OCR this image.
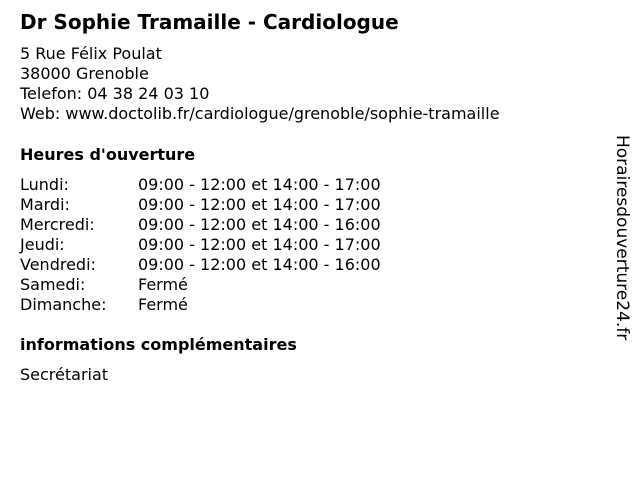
Dr Sophie Tramaille - Cardiologue
5 Rue Félix Poulat
38000 Grenoble
Telefon: 04 38 24 03 10
Web: www.doctolib.fr/cardiologue/grenoble/sophie-tramaille
Heures d'ouverture
Lundi:	09:00 - 12:00 et 14:00 - 17:00
Mardi:	09:00 - 12:00 et 14:00 - 17:00
Mercredi:	09:00 - 12:00 et 14:00 - 16:00
Jeudi:	09:00 - 12:00 et 14:00 - 17:00
Vendredi:	09:00 - 12:00 et 14:00 - 16:00
Samedi:	Fermé
Dimanche:	Fermé
informations complémentaires
Secrétariat
Horairesdouverture24.fr
